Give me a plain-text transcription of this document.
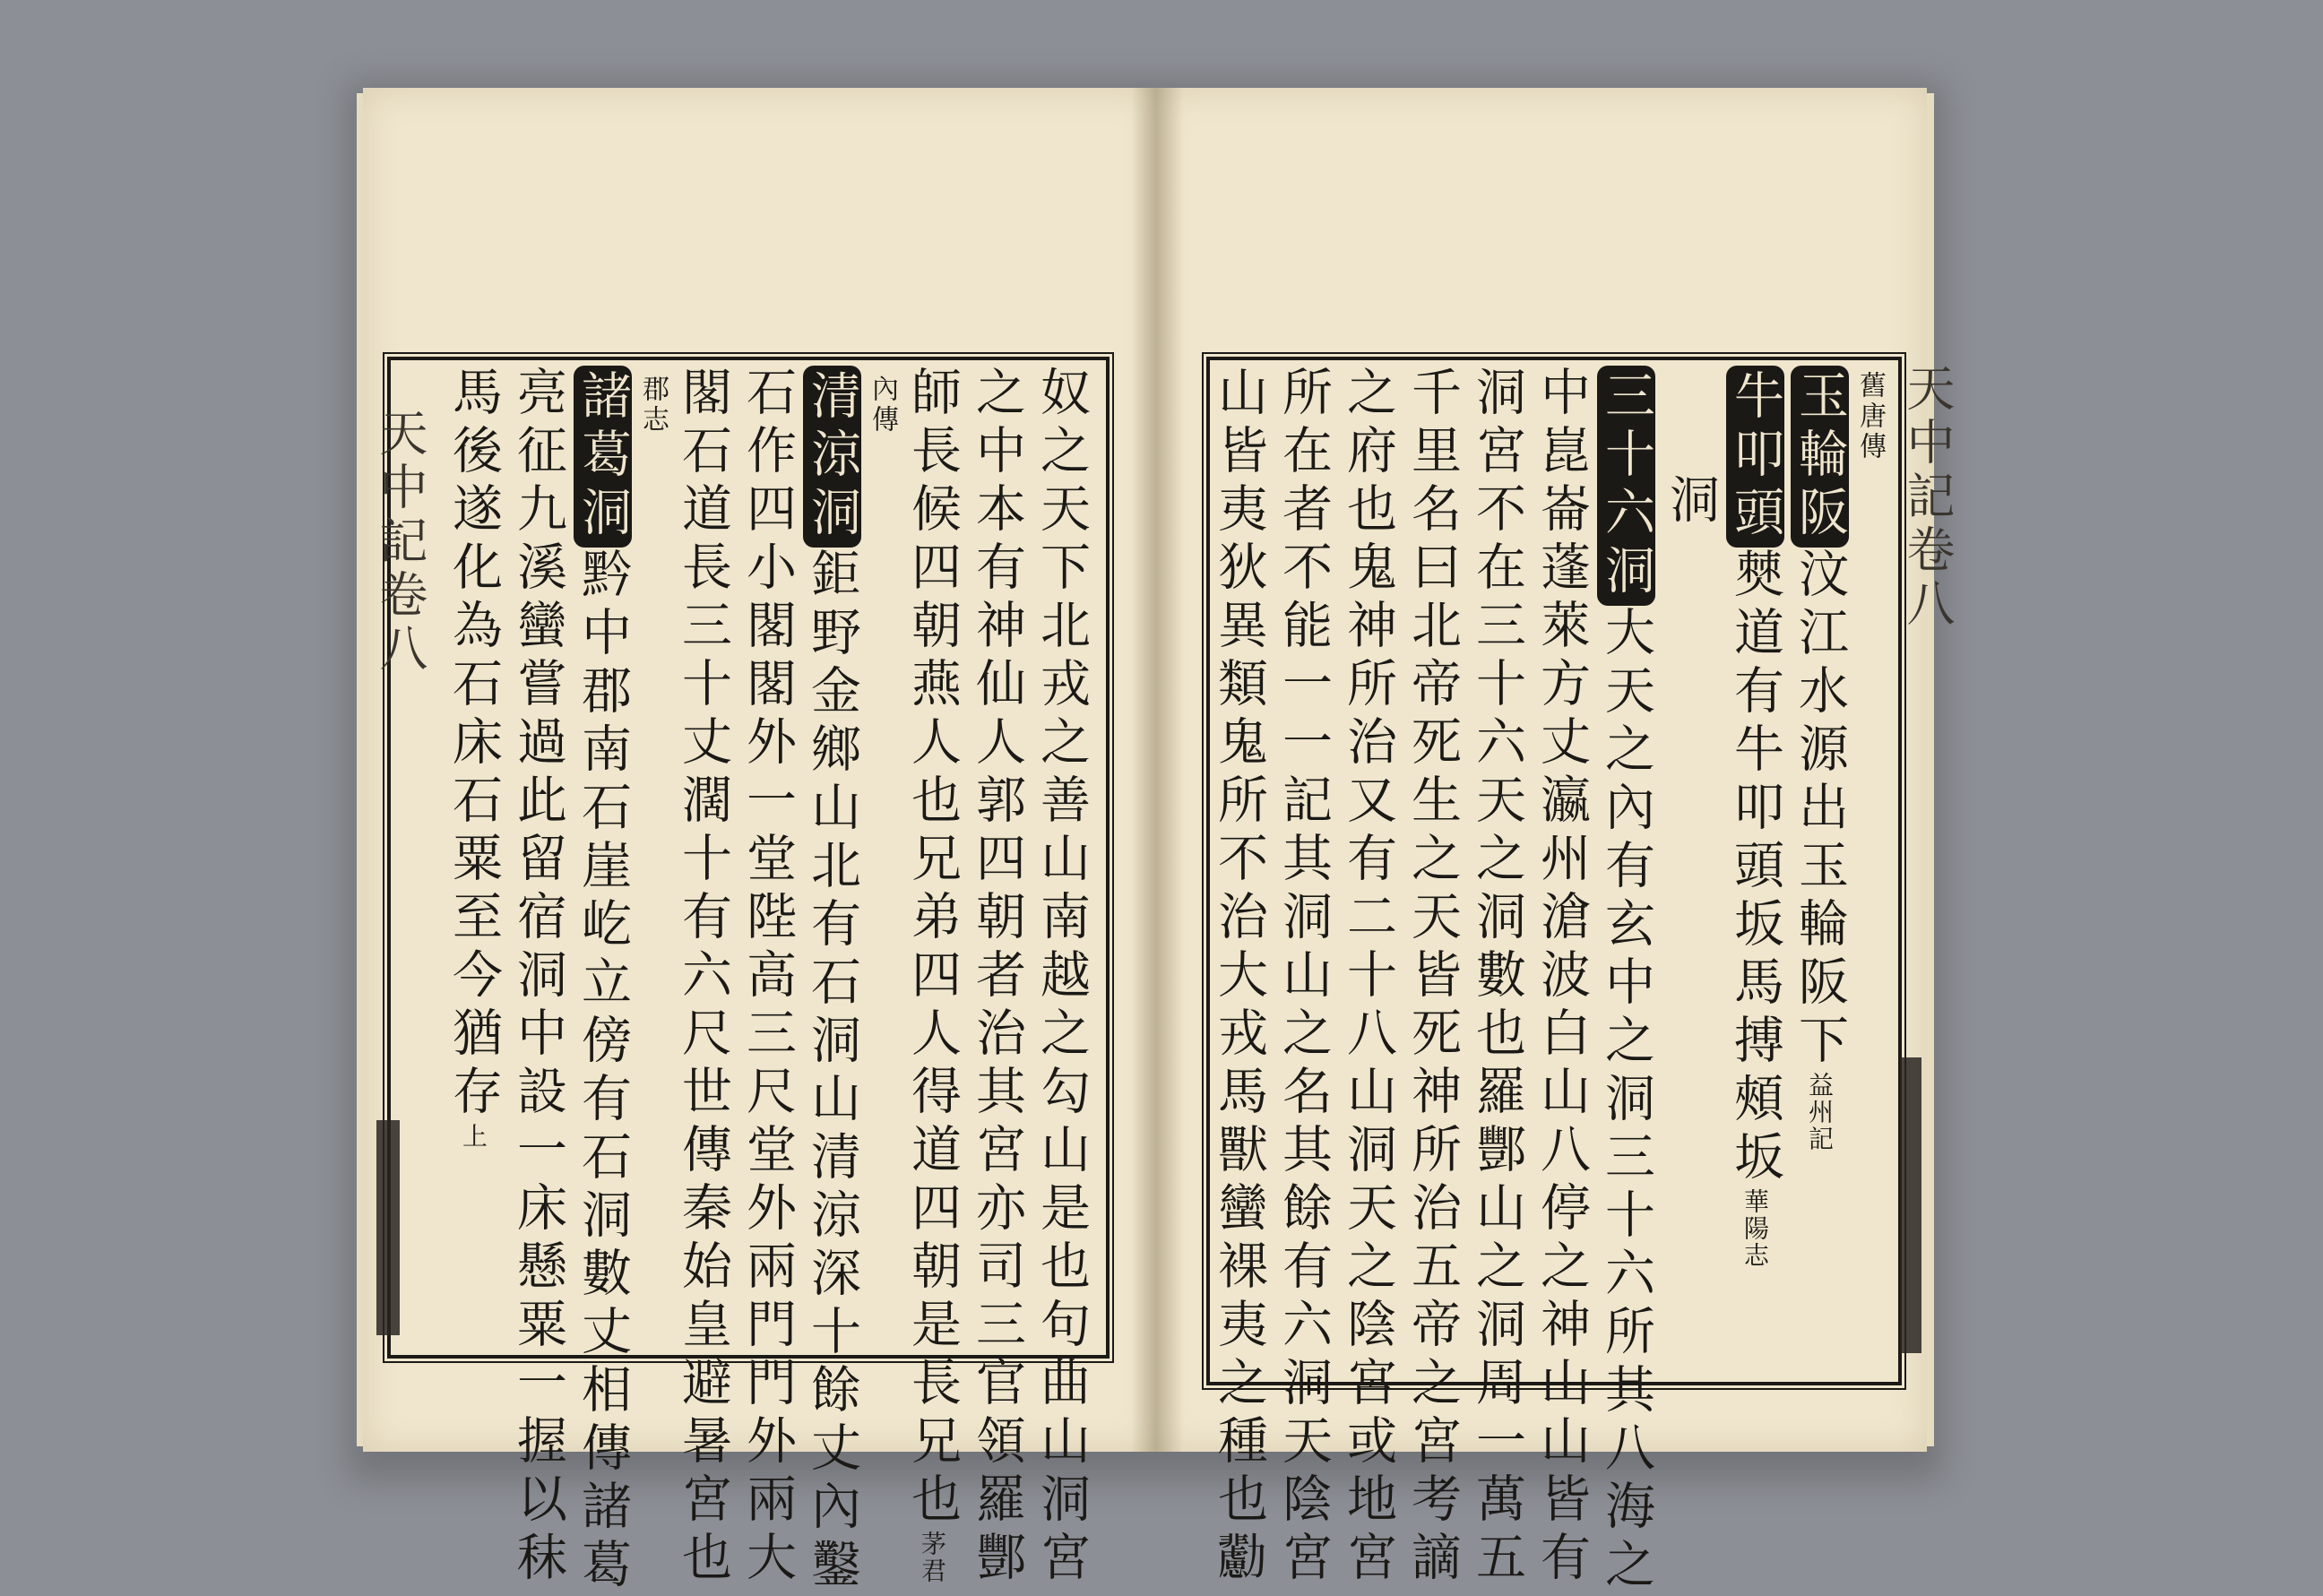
天中記卷八	天中記卷八
舊唐傳
玉輪阪汶江水源出玉輪阪下益州記
牛叩頭僰道有牛叩頭坂馬搏頰坂華陽志
洞
三十六洞大天之內有玄中之洞三十六所其八海之
中崑崙蓬萊方丈瀛州滄波白山八停之神山山皆有
洞宮不在三十六天之洞數也羅酆山之洞周一萬五
千里名曰北帝死生之天皆死神所治五帝之宮考謫
之府也鬼神所治又有二十八山洞天之陰宮或地宮
所在者不能一一記其洞山之名其餘有六洞天陰宮
山皆夷狄異類鬼所不治大戎馬獸蠻裸夷之種也𠣊
奴之天下北戎之善山南越之勾山是也句曲山洞宮
之中本有神仙人郭四朝者治其宮亦司三官領羅酆
師長候四朝燕人也兄弟四人得道四朝是長兄也茅君
內傳
清涼洞鉅野金鄉山北有石洞山清涼深十餘丈內鑿
石作四小閣閣外一堂陛高三尺堂外兩門門外兩大
閣石道長三十丈濶十有六尺世傳秦始皇避暑宮也
郡志
諸葛洞黔中郡南石崖屹立傍有石洞數丈相傳諸葛
亮征九溪蠻嘗過此留宿洞中設一床懸粟一握以秣
馬後遂化為石床石粟至今猶存上
